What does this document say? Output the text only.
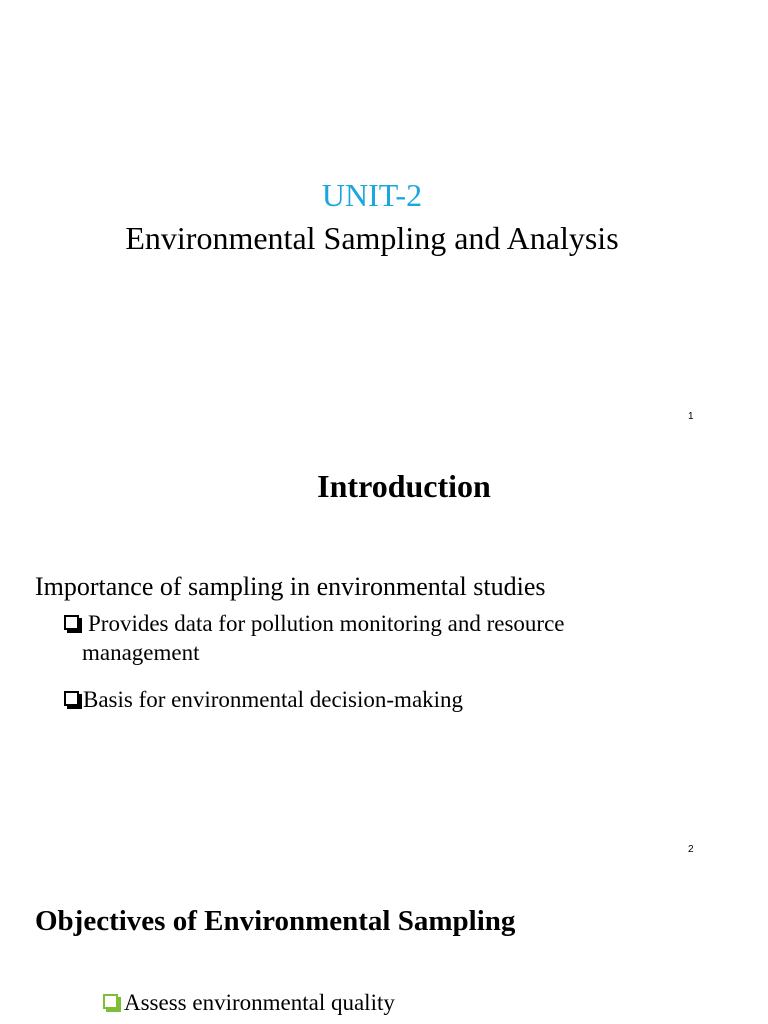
UNIT-2
Environmental Sampling and Analysis
1
Introduction
Importance of sampling in environmental studies
Provides data for pollution monitoring and resource
management
Basis for environmental decision-making
2
Objectives of Environmental Sampling
Assess environmental quality
